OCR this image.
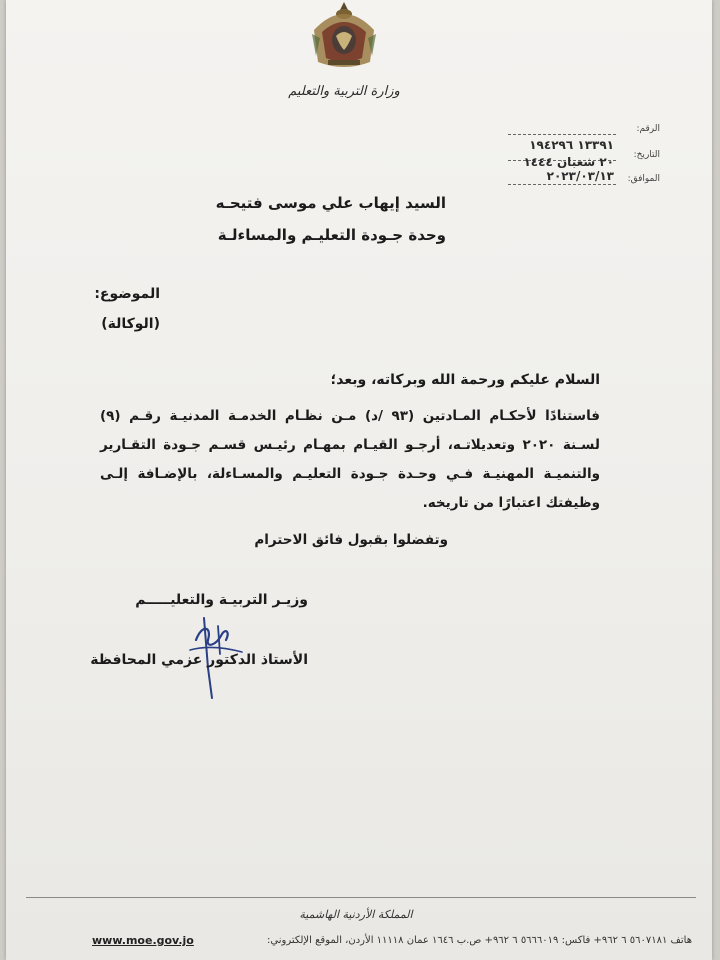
وزارة التربية والتعليم
الرقم:
١٣٣٩١ ١٩٤٢٩٦
التاريخ:
٢٠ شعبان ١٤٤٤
الموافق:
٢٠٢٣/٠٣/١٣
السيد إيهاب علي موسى فتيحـه
وحدة جـودة التعليـم والمساءلـة
الموضوع:
(الوكالة)
السلام عليكم ورحمة الله وبركاته، وبعد؛
فاستنادًا لأحكـام المـادتين (٩٣ /د) مـن نظـام الخدمـة المدنيـة رقـم (٩)
لسـنة ٢٠٢٠ وتعديلاتـه، أرجـو القيـام بمهـام رئيـس قسـم جـودة التقـارير
والتنميـة المهنيـة فـي وحـدة جـودة التعليـم والمسـاءلة، بالإضـافة إلـى
وظيفتك اعتبارًا من تاريخه.
وتفضلوا بقبول فائق الاحترام
وزيـر التربيـة والتعليـــــم
الأستاذ الدكتور عزمي المحافظة
المملكة الأردنية الهاشمية
هاتف ٥٦٠٧١٨١ ٦ ٩٦٢+ فاكس: ٥٦٦٦٠١٩ ٦ ٩٦٢+ ص.ب ١٦٤٦ عمان ١١١١٨ الأردن، الموقع الإلكتروني:
www.moe.gov.jo
